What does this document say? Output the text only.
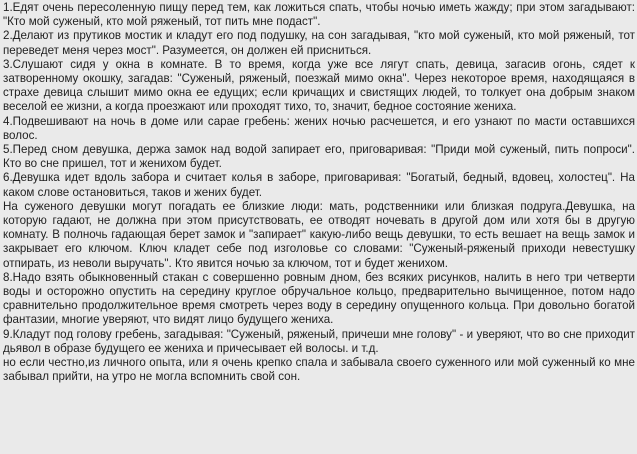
1.Едят очень пересоленную пищу перед тем, как ложиться спать, чтобы ночью иметь жажду; при этом загадывают: "Кто мой суженый, кто мой ряженый, тот пить мне подаст".

2.Делают из прутиков мостик и кладут его под подушку, на сон загадывая, "кто мой суженый, кто мой ряженый, тот переведет меня через мост". Разумеется, он должен ей присниться.

3.Слушают сидя у окна в комнате. В то время, когда уже все лягут спать, девица, загасив огонь, сядет к затворенному окошку, загадав: "Суженый, ряженый, поезжай мимо окна". Через некоторое время, находящаяся в страхе девица слышит мимо окна ее едущих; если кричащих и свистящих людей, то толкует она добрым знаком веселой ее жизни, а когда проезжают или проходят тихо, то, значит, бедное состояние жениха.

4.Подвешивают на ночь в доме или сарае гребень: жених ночью расчешется, и его узнают по масти оставшихся волос.

5.Перед сном девушка, держа замок над водой запирает его, приговаривая: "Приди мой суженый, пить попроси". Кто во сне пришел, тот и женихом будет.

6.Девушка идет вдоль забора и считает колья в заборе, приговаривая: "Богатый, бедный, вдовец, холостец". На каком слове остановиться, таков и жених будет.

На суженого девушки могут погадать ее близкие люди: мать, родственники или близкая подруга.Девушка, на которую гадают, не должна при этом присутствовать, ее отводят ночевать в другой дом или хотя бы в другую комнату. В полночь гадающая берет замок и "запирает" какую-либо вещь девушки, то есть вешает на вещь замок и закрывает его ключом. Ключ кладет себе под изголовье со словами: "Суженый-ряженый приходи невестушку отпирать, из неволи выручать". Кто явится ночью за ключом, тот и будет женихом.

8.Надо взять обыкновенный стакан с совершенно ровным дном, без всяких рисунков, налить в него три четверти воды и осторожно опустить на середину круглое обручальное кольцо, предварительно вычищенное, потом надо сравнительно продолжительное время смотреть через воду в середину опущенного кольца. При довольно богатой фантазии, многие уверяют, что видят лицо будущего жениха.

9.Кладут под голову гребень, загадывая: "Суженый, ряженый, причеши мне голову" - и уверяют, что во сне приходит дьявол в образе будущего ее жениха и причесывает ей волосы. и т.д.

но если честно,из личного опыта, или я очень крепко спала и забывала своего суженного или мой суженный ко мне забывал прийти, на утро не могла вспомнить свой сон.
